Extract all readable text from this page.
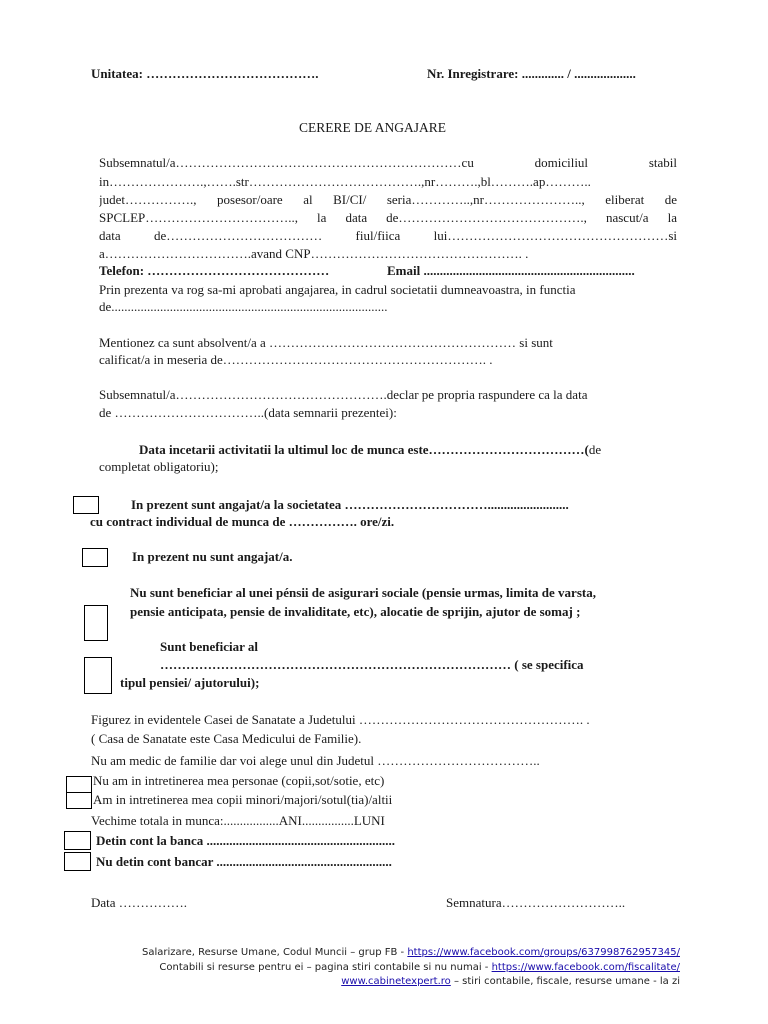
Unitatea: ………………………………….	Nr. Inregistrare: ............. / ...................
CERERE DE ANGAJARE
Subsemnatul/a…………………………………………………………cu domiciliul stabil
in………………….,…….str………………………………….,nr……….,bl……….ap………..
judet……………., posesor/oare al BI/CI/ seria…………..,nr………………….., eliberat de
SPCLEP…………………………….., la data de……………………………………., nascut/a la
data de……………………………… fiul/fiica lui……………………………………………si
a…………………………….avand CNP…………………………………………. .
Telefon: ……………………………………	Email .................................................................
Prin prezenta va rog sa-mi aprobati angajarea, in cadrul societatii dumneavoastra, in functia
de.....................................................................................
Mentionez ca sunt absolvent/a a ………………………………………………… si sunt
calificat/a in meseria de……………………………………………………. .
Subsemnatul/a………………………………………….declar pe propria raspundere ca la data
de ……………………………..(data semnarii prezentei):
Data incetarii activitatii la ultimul loc de munca este………………………………(de
completat obligatoriu);
In prezent sunt angajat/a la societatea …………………………….........................
cu contract individual de munca de ……………. ore/zi.
In prezent nu sunt angajat/a.
Nu sunt beneficiar al unei pénsii de asigurari sociale (pensie urmas, limita de varsta,
pensie anticipata, pensie de invaliditate, etc), alocatie de sprijin, ajutor de somaj ;
Sunt beneficiar al
……………………………………………………………………… ( se specifica
tipul pensiei/ ajutorului);
Figurez in evidentele Casei de Sanatate a Judetului ……………………………………………. .
( Casa de Sanatate este Casa Medicului de Familie).
Nu am medic de familie dar voi alege unul din Judetul ………………………………..
Nu am in intretinerea mea personae (copii,sot/sotie, etc)
Am in intretinerea mea copii minori/majori/sotul(tia)/altii
Vechime totala in munca:.................ANI................LUNI
Detin cont la banca ..........................................................
Nu detin cont bancar ......................................................
Data …………….	Semnatura………………………..
Salarizare, Resurse Umane, Codul Muncii – grup FB - https://www.facebook.com/groups/637998762957345/
Contabili si resurse pentru ei – pagina stiri contabile si nu numai - https://www.facebook.com/fiscalitate/
www.cabinetexpert.ro – stiri contabile, fiscale, resurse umane - la zi
